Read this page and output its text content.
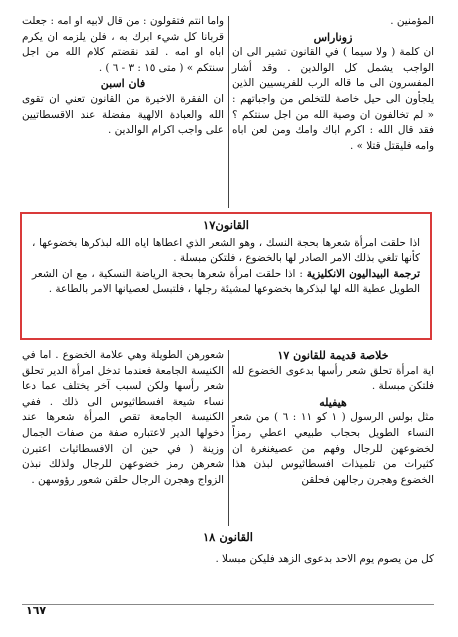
المؤمنين .

زوناراس

ان كلمة ( ولا سيما ) في القانون تشير الى ان الواجب يشمل كل الوالدين . وقد أشار المفسرون الى ما قاله الرب للفريسيين الذين يلجأون الى حيل خاصة للتخلص من واجباتهم : « لم تخالفون ان وصية الله من اجل سنتكم ؟ فقد قال الله : اكرم اباك وامك ومن لعن اباه وامه فليقتل قتلا » .

واما انتم فتقولون : من قال لابيه او امه : جعلت قربانا كل شيء ابرك به ، فلن يلزمه ان يكرم اباه او امه . لقد نقضتم كلام الله من اجل سنتكم » ( متى ١٥ : ٣ - ٦ ) .

فان اسبن

ان الفقرة الاخيرة من القانون تعني ان تقوى الله والعبادة الالهية مفضلة عند الاقسطاتيين على واجب اكرام الوالدين .

القانون١٧

اذا حلقت امرأة شعرها بحجة النسك ، وهو الشعر الذي اعطاها اياه الله لبذكرها بخضوعها ، كأنها تلغي بذلك الامر الصادر لها بالخضوع ، فلتكن مبسلة .

ترجمة البيداليون الانكليزية : اذا حلقت امرأة شعرها بحجة الرياضة النسكية ، مع ان الشعر الطويل عطية الله لها لبذكرها بخضوعها لمشيئة رجلها ، فلتبسل لعصيانها الامر بالطاعة .

خلاصة قديمة للقانون ١٧

اية امرأة تحلق شعر رأسها بدعوى الخضوع لله فلتكن مبسلة .

هيفيله

مثل بولس الرسول ( ١ كو ١١ : ٦ ) من شعر النساء الطويل بحجاب طبيعي اعطي رمزاً لخضوعهن للرجال وفهم من عصيغنغرة ان كثيرات من تلميذات افسطاثيوس لبذن هذا الخضوع وهجرن رجالهن فحلقن

شعورهن الطويلة وهي علامة الخضوع . اما في الكنيسة الجامعة فعندما تدخل امرأة الدير تحلق شعر رأسها ولكن لسبب آخر يختلف عما دعا نساء شيعة افسطاثيوس الى ذلك . ففي الكنيسة الجامعة تقص المرأة شعرها عند دخولها الدير لاعتباره صفة من صفات الجمال وزينة ( في حين ان الافسطاثيات اعتبرن شعرهن رمز خضوعهن للرجال ولذلك نبذن الزواج وهجرن الرجال حلقن شعور رؤوسهن .

القانون ١٨
كل من يصوم يوم الاحد بدعوى الزهد فليكن مبسلا .
١٦٧
